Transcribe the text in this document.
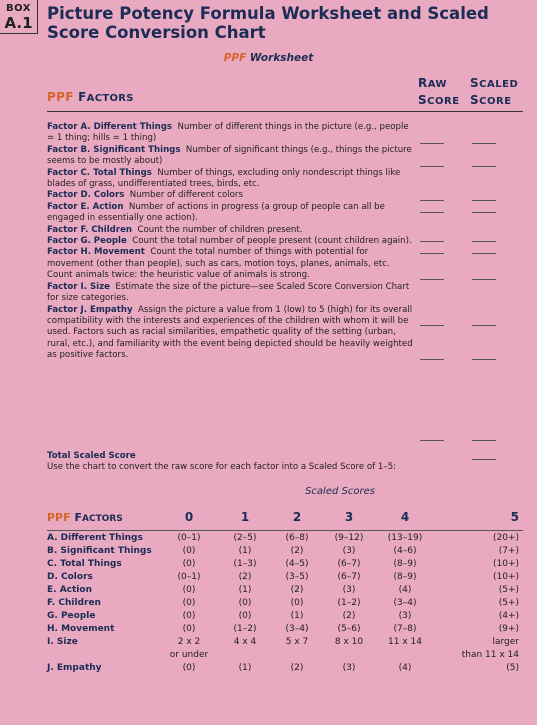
BOX
A.1 Picture Potency Formula Worksheet and Scaled Score Conversion Chart
PPF Worksheet
PPF FACTORS
RAW
SCORE
SCALED
SCORE

Factor A. Different Things Number of different things in the picture (e.g., people = 1 thing; hills = 1 thing)

Factor B. Significant Things Number of significant things (e.g., things the picture seems to be mostly about)

Factor C. Total Things Number of things, excluding only nondescript things like blades of grass, undifferentiated trees, birds, etc.

Factor D. Colors Number of different colors

Factor E. Action Number of actions in progress (a group of people can all be engaged in essentially one action).

Factor F. Children Count the number of children present.

Factor G. People Count the total number of people present (count children again).

Factor H. Movement Count the total number of things with potential for movement (other than people), such as cars, motion toys, planes, animals, etc. Count animals twice: the heuristic value of animals is strong.

Factor I. Size Estimate the size of the picture—see Scaled Score Conversion Chart for size categories.

Factor J. Empathy Assign the picture a value from 1 (low) to 5 (high) for its overall compatibility with the interests and experiences of the children with whom it will be used. Factors such as racial similarities, empathetic quality of the setting (urban, rural, etc.), and familiarity with the event being depicted should be heavily weighted as positive factors.

Total Scaled Score
Use the chart to convert the raw score for each factor into a Scaled Score of 1–5:
Scaled Scores
PPF FACTORS	0	1	2	3	4	5
A. Different Things	(0–1)	(2–5)	(6–8)	(9–12)	(13–19)	(20+)
B. Significant Things	(0)	(1)	(2)	(3)	(4–6)	(7+)
C. Total Things	(0)	(1–3)	(4–5)	(6–7)	(8–9)	(10+)
D. Colors	(0–1)	(2)	(3–5)	(6–7)	(8–9)	(10+)
E. Action	(0)	(1)	(2)	(3)	(4)	(5+)
F. Children	(0)	(0)	(0)	(1–2)	(3–4)	(5+)
G. People	(0)	(0)	(1)	(2)	(3)	(4+)
H. Movement	(0)	(1–2)	(3–4)	(5–6)	(7–8)	(9+)
I. Size	2 x 2	4 x 4	5 x 7	8 x 10	11 x 14	larger
	or under					than 11 x 14
J. Empathy	(0)	(1)	(2)	(3)	(4)	(5)
